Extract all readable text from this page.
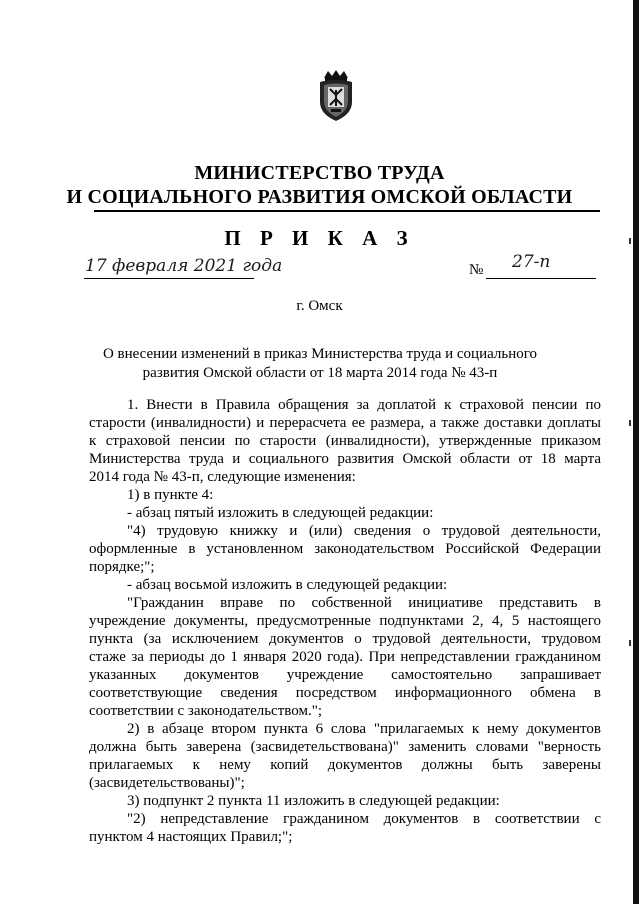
МИНИСТЕРСТВО ТРУДА
И СОЦИАЛЬНОГО РАЗВИТИЯ ОМСКОЙ ОБЛАСТИ
П Р И К А З
17 февраля 2021 года	№ 27-п
г. Омск
О внесении изменений в приказ Министерства труда и социального
развития Омской области от 18 марта 2014 года № 43-п

1. Внести в Правила обращения за доплатой к страховой пенсии по

старости (инвалидности) и перерасчета ее размера, а также доставки доплаты

к страховой пенсии по старости (инвалидности), утвержденные приказом

Министерства труда и социального развития Омской области от 18 марта

2014 года № 43-п, следующие изменения:

1) в пункте 4:

- абзац пятый изложить в следующей редакции:

"4) трудовую книжку и (или) сведения о трудовой деятельности,

оформленные в установленном законодательством Российской Федерации

порядке;";

- абзац восьмой изложить в следующей редакции:

"Гражданин вправе по собственной инициативе представить в

учреждение документы, предусмотренные подпунктами 2, 4, 5 настоящего

пункта (за исключением документов о трудовой деятельности, трудовом

стаже за периоды до 1 января 2020 года). При непредставлении гражданином

указанных документов учреждение самостоятельно запрашивает

соответствующие сведения посредством информационного обмена в

соответствии с законодательством.";

2) в абзаце втором пункта 6 слова "прилагаемых к нему документов

должна быть заверена (засвидетельствована)" заменить словами "верность

прилагаемых к нему копий документов должны быть заверены

(засвидетельствованы)";

3) подпункт 2 пункта 11 изложить в следующей редакции:

"2) непредставление гражданином документов в соответствии с

пунктом 4 настоящих Правил;";
